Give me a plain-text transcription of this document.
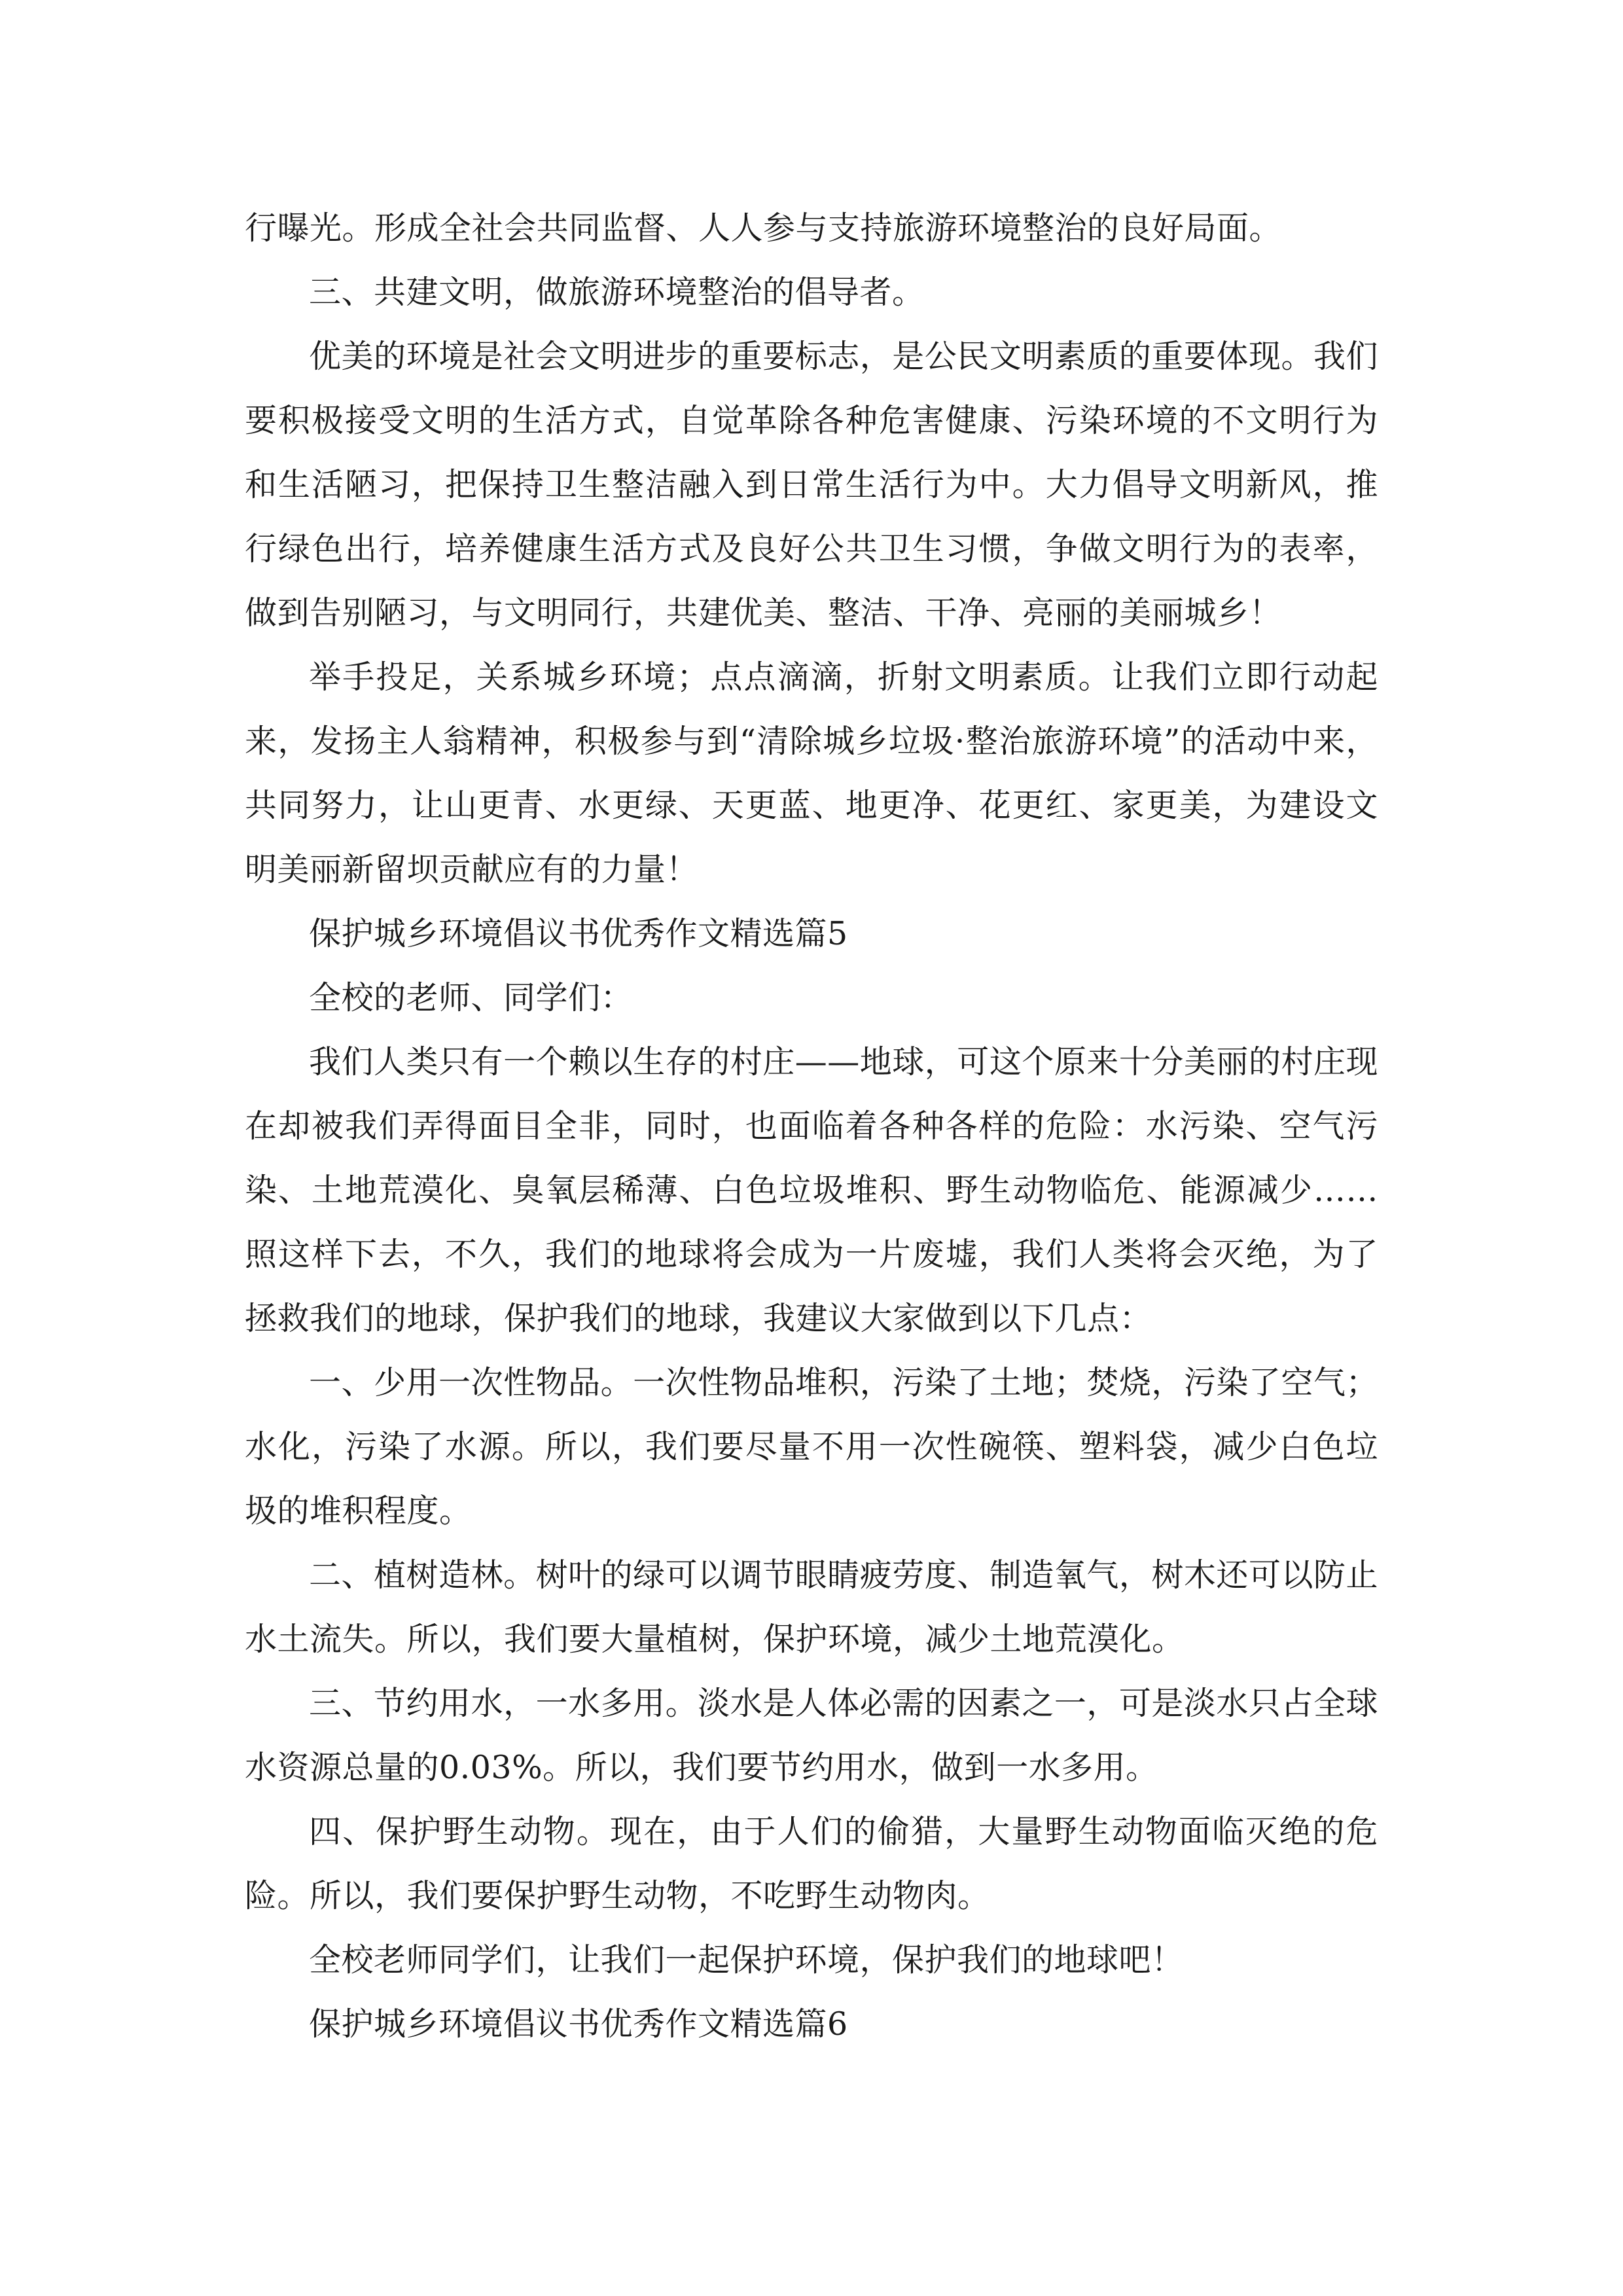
行曝光。形成全社会共同监督、人人参与支持旅游环境整治的良好局面。

三、共建文明，做旅游环境整治的倡导者。

优美的环境是社会文明进步的重要标志，是公民文明素质的重要体现。我们要积极接受文明的生活方式，自觉革除各种危害健康、污染环境的不文明行为和生活陋习，把保持卫生整洁融入到日常生活行为中。大力倡导文明新风，推行绿色出行，培养健康生活方式及良好公共卫生习惯，争做文明行为的表率，做到告别陋习，与文明同行，共建优美、整洁、干净、亮丽的美丽城乡！

举手投足，关系城乡环境；点点滴滴，折射文明素质。让我们立即行动起来，发扬主人翁精神，积极参与到“清除城乡垃圾·整治旅游环境”的活动中来，共同努力，让山更青、水更绿、天更蓝、地更净、花更红、家更美，为建设文明美丽新留坝贡献应有的力量！

保护城乡环境倡议书优秀作文精选篇5

全校的老师、同学们：

我们人类只有一个赖以生存的村庄——地球，可这个原来十分美丽的村庄现在却被我们弄得面目全非，同时，也面临着各种各样的危险：水污染、空气污染、土地荒漠化、臭氧层稀薄、白色垃圾堆积、野生动物临危、能源减少……照这样下去，不久，我们的地球将会成为一片废墟，我们人类将会灭绝，为了拯救我们的地球，保护我们的地球，我建议大家做到以下几点：

一、少用一次性物品。一次性物品堆积，污染了土地；焚烧，污染了空气；水化，污染了水源。所以，我们要尽量不用一次性碗筷、塑料袋，减少白色垃圾的堆积程度。

二、植树造林。树叶的绿可以调节眼睛疲劳度、制造氧气，树木还可以防止水土流失。所以，我们要大量植树，保护环境，减少土地荒漠化。

三、节约用水，一水多用。淡水是人体必需的因素之一，可是淡水只占全球水资源总量的0.03%。所以，我们要节约用水，做到一水多用。

四、保护野生动物。现在，由于人们的偷猎，大量野生动物面临灭绝的危险。所以，我们要保护野生动物，不吃野生动物肉。

全校老师同学们，让我们一起保护环境，保护我们的地球吧！

保护城乡环境倡议书优秀作文精选篇6
